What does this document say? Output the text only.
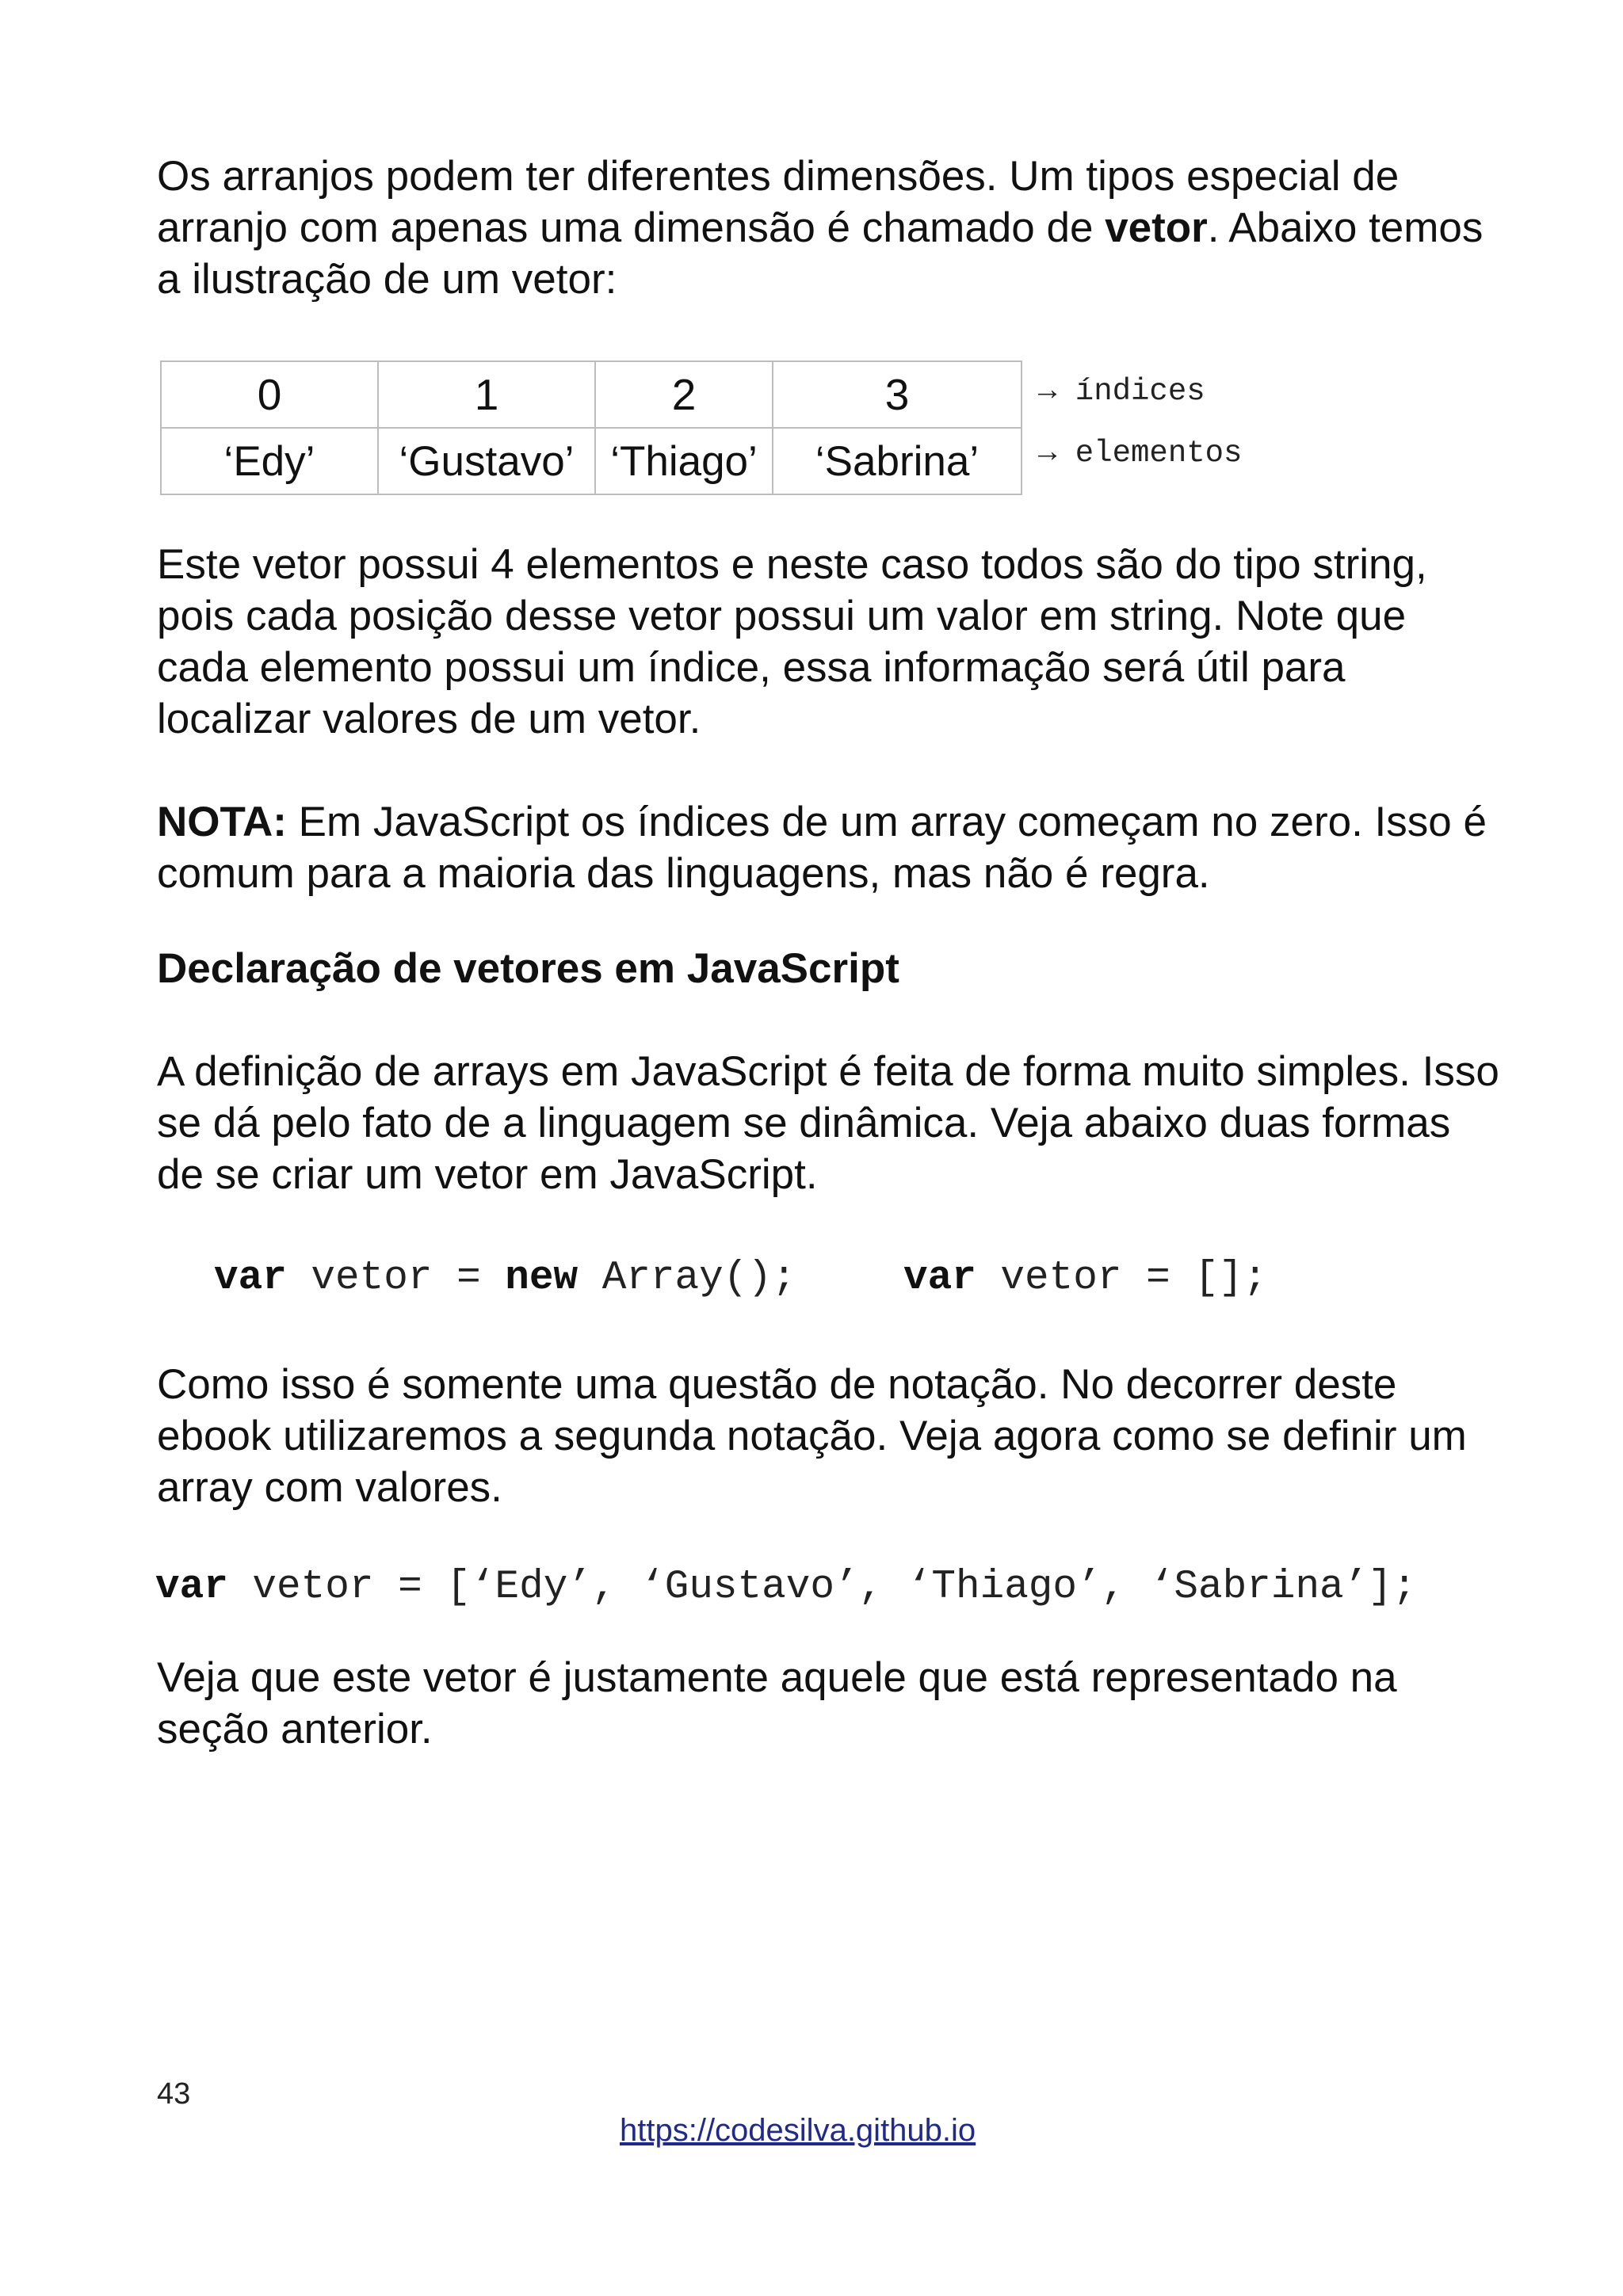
Os arranjos podem ter diferentes dimensões. Um tipos especial de arranjo com apenas uma dimensão é chamado de vetor. Abaixo temos a ilustração de um vetor:

0	1	2	3
‘Edy’	‘Gustavo’	‘Thiago’	‘Sabrina’
→ índices
→ elementos

Este vetor possui 4 elementos e neste caso todos são do tipo string, pois cada posição desse vetor possui um valor em string. Note que cada elemento possui um índice, essa informação será útil para localizar valores de um vetor.

NOTA: Em JavaScript os índices de um array começam no zero. Isso é comum para a maioria das linguagens, mas não é regra.

Declaração de vetores em JavaScript

A definição de arrays em JavaScript é feita de forma muito simples. Isso se dá pelo fato de a linguagem se dinâmica. Veja abaixo duas formas de se criar um vetor em JavaScript.

var vetor = new Array();	var vetor = [];

Como isso é somente uma questão de notação. No decorrer deste ebook utilizaremos a segunda notação. Veja agora como se definir um array com valores.

var vetor = [‘Edy’, ‘Gustavo’, ‘Thiago’, ‘Sabrina’];

Veja que este vetor é justamente aquele que está representado na seção anterior.

43
https://codesilva.github.io
